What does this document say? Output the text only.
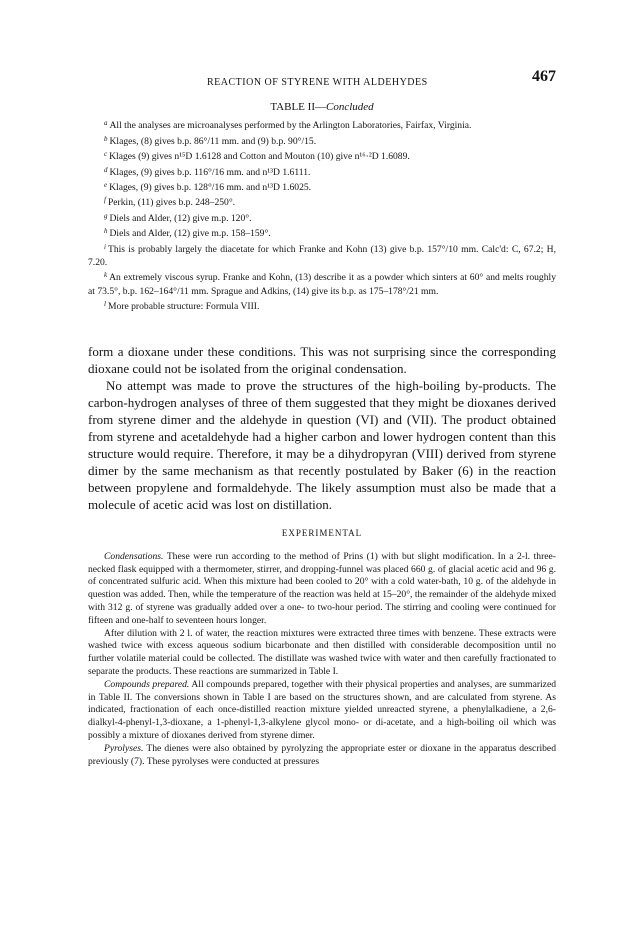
REACTION OF STYRENE WITH ALDEHYDES	467
TABLE II—Concluded

$^a$ All the analyses are microanalyses performed by the Arlington Laboratories, Fairfax, Virginia.

$^b$ Klages, (8) gives b.p. 86°/11 mm. and (9) b.p. 90°/15.

$^c$ Klages (9) gives n¹⁵D 1.6128 and Cotton and Mouton (10) give n¹⁶·²D 1.6089.

$^d$ Klages, (9) gives b.p. 116°/16 mm. and n¹³D 1.6111.

$^e$ Klages, (9) gives b.p. 128°/16 mm. and n¹³D 1.6025.

$^f$ Perkin, (11) gives b.p. 248–250°.

$^g$ Diels and Alder, (12) give m.p. 120°.

$^h$ Diels and Alder, (12) give m.p. 158–159°.

$^i$ This is probably largely the diacetate for which Franke and Kohn (13) give b.p. 157°/10 mm. Calc'd: C, 67.2; H, 7.20.

$^k$ An extremely viscous syrup. Franke and Kohn, (13) describe it as a powder which sinters at 60° and melts roughly at 73.5°, b.p. 162–164°/11 mm. Sprague and Adkins, (14) give its b.p. as 175–178°/21 mm.

$^l$ More probable structure: Formula VIII.

form a dioxane under these conditions. This was not surprising since the corresponding dioxane could not be isolated from the original condensation.

No attempt was made to prove the structures of the high-boiling by-products. The carbon-hydrogen analyses of three of them suggested that they might be dioxanes derived from styrene dimer and the aldehyde in question (VI) and (VII). The product obtained from styrene and acetaldehyde had a higher carbon and lower hydrogen content than this structure would require. Therefore, it may be a dihydropyran (VIII) derived from styrene dimer by the same mechanism as that recently postulated by Baker (6) in the reaction between propylene and formaldehyde. The likely assumption must also be made that a molecule of acetic acid was lost on distillation.

EXPERIMENTAL

Condensations. These were run according to the method of Prins (1) with but slight modification. In a 2-l. three-necked flask equipped with a thermometer, stirrer, and dropping-funnel was placed 660 g. of glacial acetic acid and 96 g. of concentrated sulfuric acid. When this mixture had been cooled to 20° with a cold water-bath, 10 g. of the aldehyde in question was added. Then, while the temperature of the reaction was held at 15–20°, the remainder of the aldehyde mixed with 312 g. of styrene was gradually added over a one- to two-hour period. The stirring and cooling were continued for fifteen and one-half to seventeen hours longer.

After dilution with 2 l. of water, the reaction mixtures were extracted three times with benzene. These extracts were washed twice with excess aqueous sodium bicarbonate and then distilled with considerable decomposition until no further volatile material could be collected. The distillate was washed twice with water and then carefully fractionated to separate the products. These reactions are summarized in Table I.

Compounds prepared. All compounds prepared, together with their physical properties and analyses, are summarized in Table II. The conversions shown in Table I are based on the structures shown, and are calculated from styrene. As indicated, fractionation of each once-distilled reaction mixture yielded unreacted styrene, a phenylalkadiene, a 2,6-dialkyl-4-phenyl-1,3-dioxane, a 1-phenyl-1,3-alkylene glycol mono- or di-acetate, and a high-boiling oil which was possibly a mixture of dioxanes derived from styrene dimer.

Pyrolyses. The dienes were also obtained by pyrolyzing the appropriate ester or dioxane in the apparatus described previously (7). These pyrolyses were conducted at pressures
